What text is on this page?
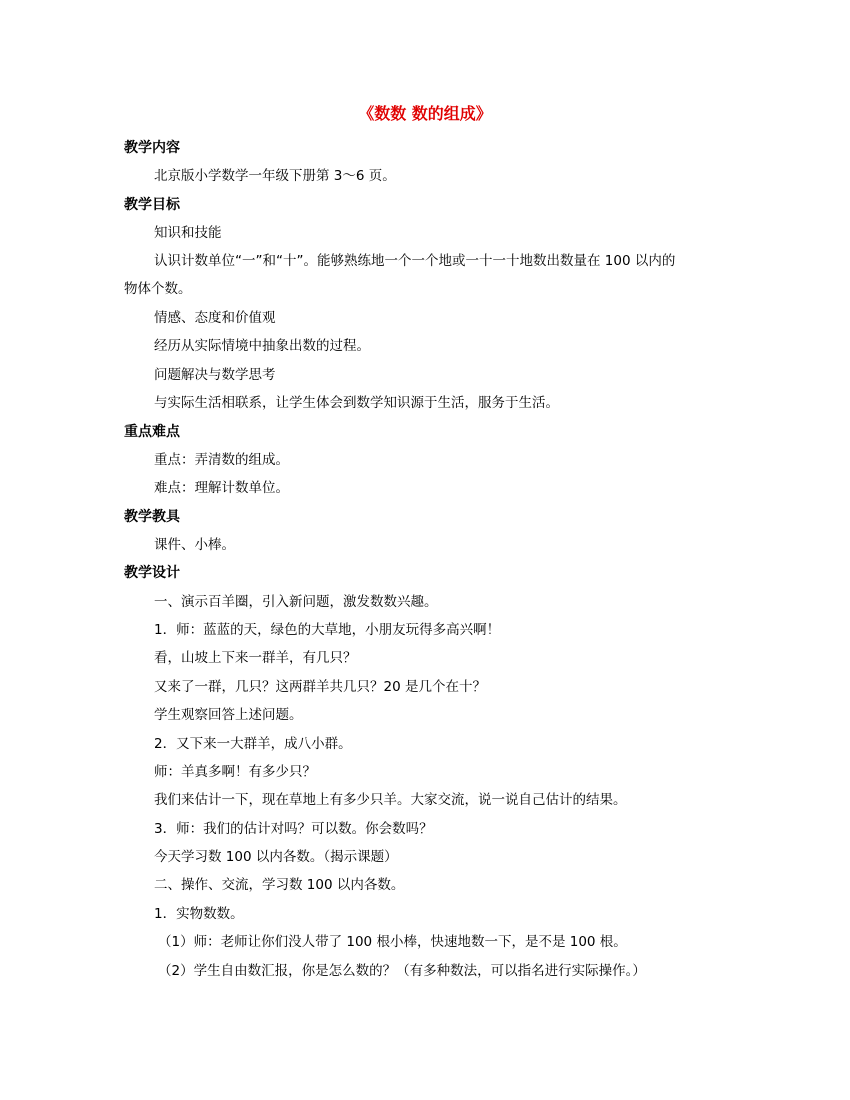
《数数 数的组成》
教学内容
北京版小学数学一年级下册第 3～6 页。
教学目标
知识和技能
认识计数单位“一”和“十”。能够熟练地一个一个地或一十一十地数出数量在 100 以内的
物体个数。
情感、态度和价值观
经历从实际情境中抽象出数的过程。
问题解决与数学思考
与实际生活相联系，让学生体会到数学知识源于生活，服务于生活。
重点难点
重点：弄清数的组成。
难点：理解计数单位。
教学教具
课件、小棒。
教学设计
一、演示百羊圈，引入新问题，激发数数兴趣。
1．师：蓝蓝的天，绿色的大草地，小朋友玩得多高兴啊！
看，山坡上下来一群羊，有几只？
又来了一群，几只？这两群羊共几只？20 是几个在十？
学生观察回答上述问题。
2．又下来一大群羊，成八小群。
师：羊真多啊！有多少只？
我们来估计一下，现在草地上有多少只羊。大家交流，说一说自己估计的结果。
3．师：我们的估计对吗？可以数。你会数吗？
今天学习数 100 以内各数。（揭示课题）
二、操作、交流，学习数 100 以内各数。
1．实物数数。
（1）师：老师让你们没人带了 100 根小棒，快速地数一下，是不是 100 根。
（2）学生自由数汇报，你是怎么数的？（有多种数法，可以指名进行实际操作。）
